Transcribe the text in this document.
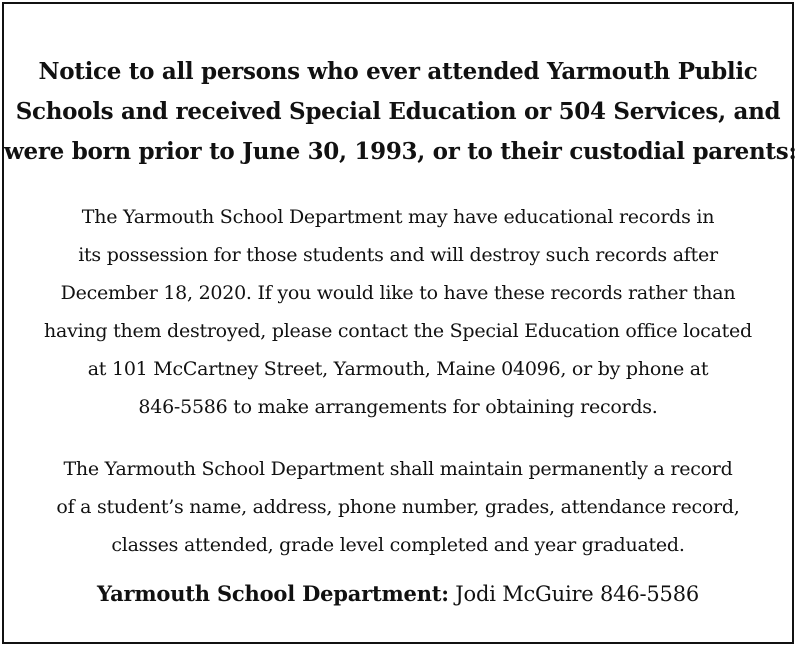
Notice to all persons who ever attended Yarmouth Public
Schools and received Special Education or 504 Services, and
were born prior to June 30, 1993, or to their custodial parents:

The Yarmouth School Department may have educational records in
its possession for those students and will destroy such records after
December 18, 2020. If you would like to have these records rather than
having them destroyed, please contact the Special Education office located
at 101 McCartney Street, Yarmouth, Maine 04096, or by phone at
846-5586 to make arrangements for obtaining records.

The Yarmouth School Department shall maintain permanently a record
of a student’s name, address, phone number, grades, attendance record,
classes attended, grade level completed and year graduated.

Yarmouth School Department: Jodi McGuire 846-5586
